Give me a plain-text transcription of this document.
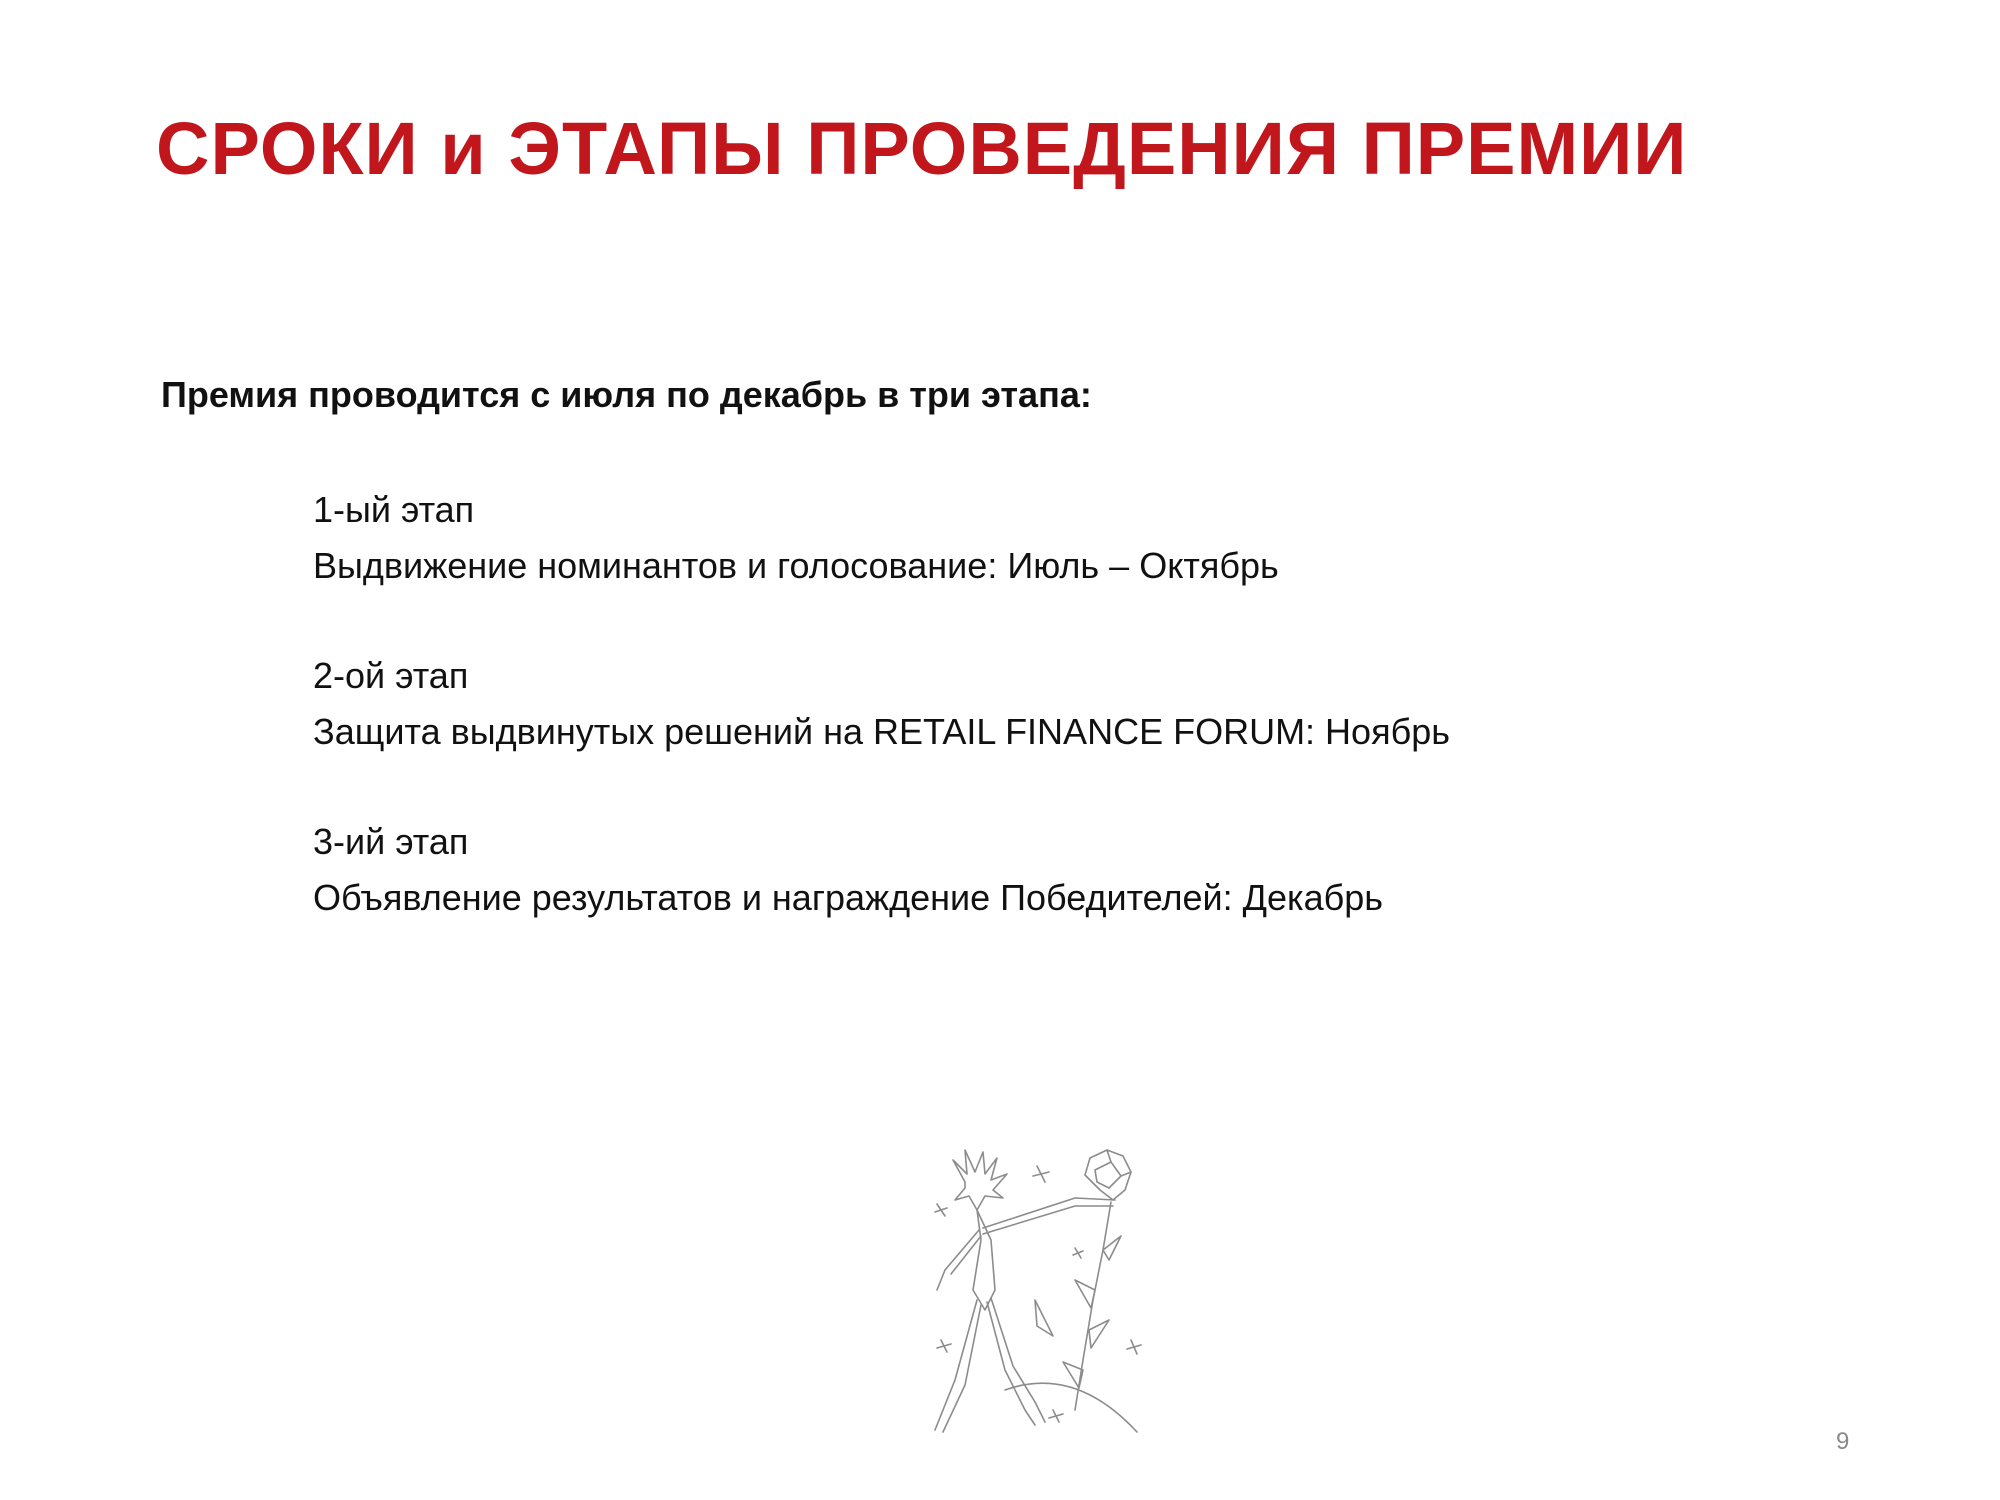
СРОКИ и ЭТАПЫ ПРОВЕДЕНИЯ ПРЕМИИ

Премия проводится с июля по декабрь в три этапа:

1-ый этап
Выдвижение номинантов и голосование: Июль – Октябрь
2-ой этап
Защита выдвинутых решений на RETAIL FINANCE FORUM: Ноябрь
3-ий этап
Объявление результатов и награждение Победителей: Декабрь
9
